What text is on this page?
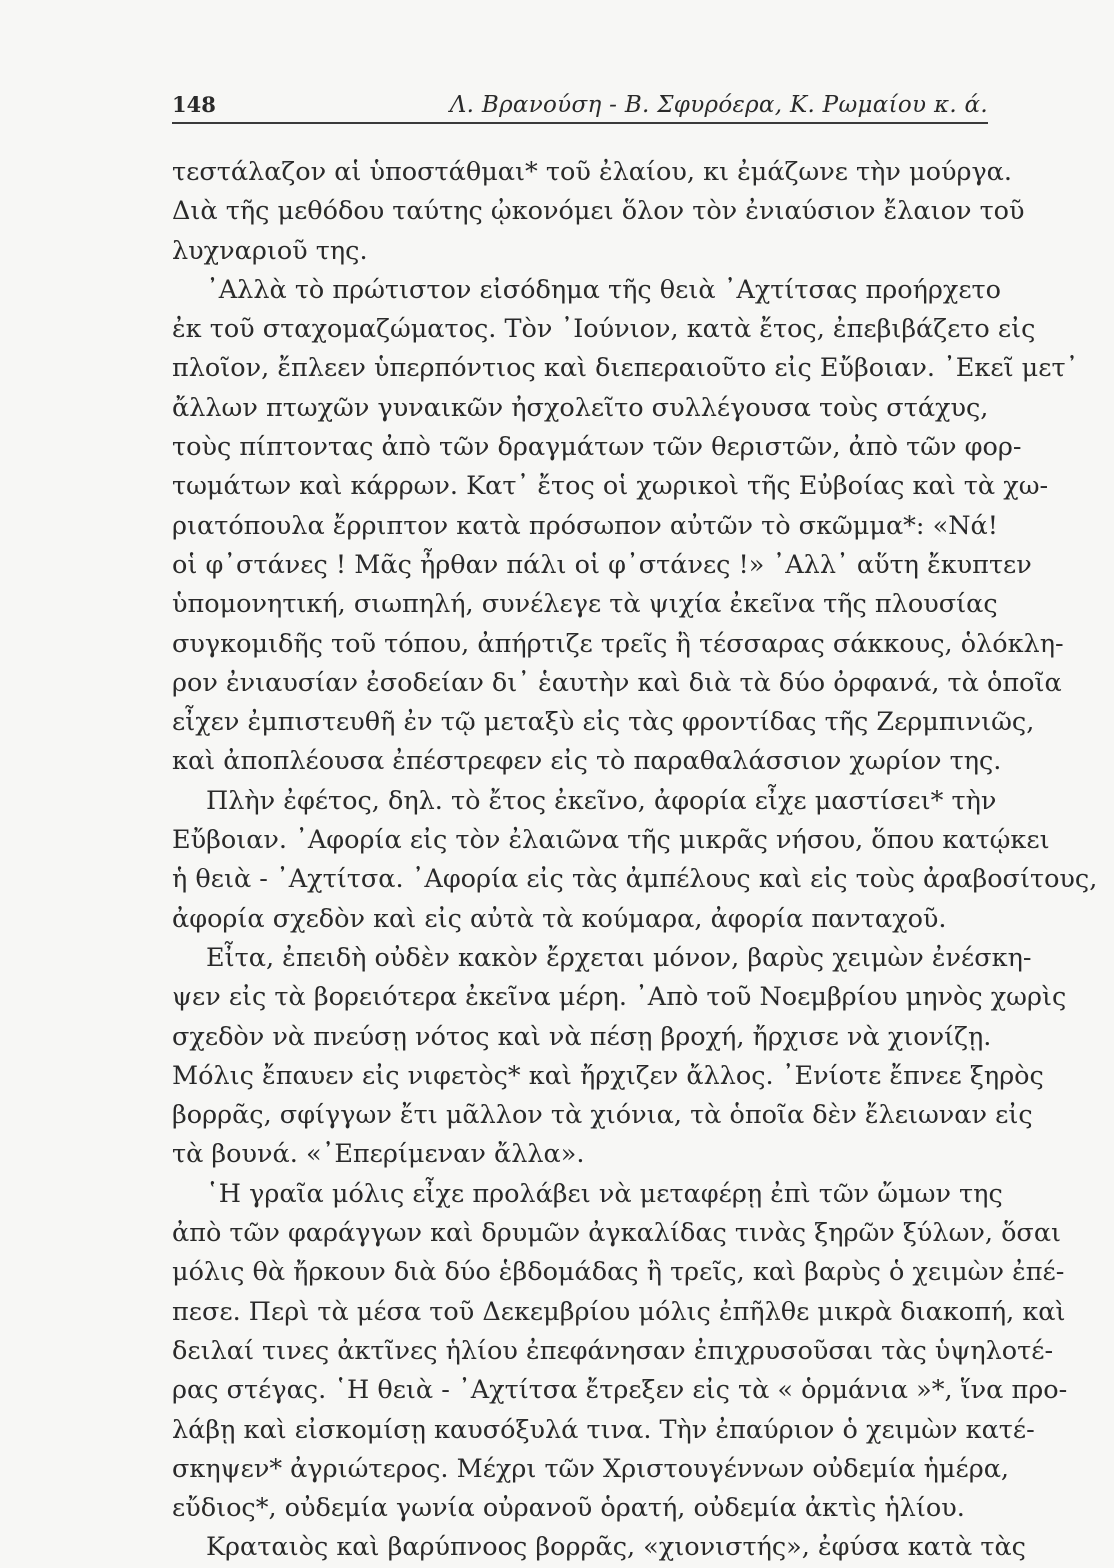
148	Λ. Βρανούση - Β. Σφυρόερα, Κ. Ρωμαίου κ. ά.
τεστάλαζον αἱ ὑποστάθμαι* τοῦ ἐλαίου, κι ἐμάζωνε τὴν μούργα.
Διὰ τῆς μεθόδου ταύτης ᾠκονόμει ὅλον τὸν ἐνιαύσιον ἔλαιον τοῦ
λυχναριοῦ της.
᾿Αλλὰ τὸ πρώτιστον εἰσόδημα τῆς θειὰ ᾿Αχτίτσας προήρχετο
ἐκ τοῦ σταχομαζώματος. Τὸν ᾿Ιούνιον, κατὰ ἔτος, ἐπεβιβάζετο εἰς
πλοῖον, ἔπλεεν ὑπερπόντιος καὶ διεπεραιοῦτο εἰς Εὔβοιαν. ᾿Εκεῖ μετ᾿
ἄλλων πτωχῶν γυναικῶν ἠσχολεῖτο συλλέγουσα τοὺς στάχυς,
τοὺς πίπτοντας ἀπὸ τῶν δραγμάτων τῶν θεριστῶν, ἀπὸ τῶν φορ-
τωμάτων καὶ κάρρων. Κατ᾿ ἔτος οἱ χωρικοὶ τῆς Εὐβοίας καὶ τὰ χω-
ριατόπουλα ἔρριπτον κατὰ πρόσωπον αὐτῶν τὸ σκῶμμα*: «Νά!
οἱ φ᾿στάνες ! Μᾶς ἦρθαν πάλι οἱ φ᾿στάνες !» ᾿Αλλ᾿ αὕτη ἔκυπτεν
ὑπομονητική, σιωπηλή, συνέλεγε τὰ ψιχία ἐκεῖνα τῆς πλουσίας
συγκομιδῆς τοῦ τόπου, ἀπήρτιζε τρεῖς ἢ τέσσαρας σάκκους, ὁλόκλη-
ρον ἐνιαυσίαν ἐσοδείαν δι᾿ ἑαυτὴν καὶ διὰ τὰ δύο ὀρφανά, τὰ ὁποῖα
εἶχεν ἐμπιστευθῆ ἐν τῷ μεταξὺ εἰς τὰς φροντίδας τῆς Ζερμπινιῶς,
καὶ ἀποπλέουσα ἐπέστρεφεν εἰς τὸ παραθαλάσσιον χωρίον της.
Πλὴν ἐφέτος, δηλ. τὸ ἔτος ἐκεῖνο, ἀφορία εἶχε μαστίσει* τὴν
Εὔβοιαν. ᾿Αφορία εἰς τὸν ἐλαιῶνα τῆς μικρᾶς νήσου, ὅπου κατῴκει
ἡ θειὰ - ᾿Αχτίτσα. ᾿Αφορία εἰς τὰς ἀμπέλους καὶ εἰς τοὺς ἀραβοσίτους,
ἀφορία σχεδὸν καὶ εἰς αὐτὰ τὰ κούμαρα, ἀφορία πανταχοῦ.
Εἶτα, ἐπειδὴ οὐδὲν κακὸν ἔρχεται μόνον, βαρὺς χειμὼν ἐνέσκη-
ψεν εἰς τὰ βορειότερα ἐκεῖνα μέρη. ᾿Απὸ τοῦ Νοεμβρίου μηνὸς χωρὶς
σχεδὸν νὰ πνεύσῃ νότος καὶ νὰ πέσῃ βροχή, ἤρχισε νὰ χιονίζῃ.
Μόλις ἔπαυεν εἰς νιφετὸς* καὶ ἤρχιζεν ἄλλος. ᾿Ενίοτε ἔπνεε ξηρὸς
βορρᾶς, σφίγγων ἔτι μᾶλλον τὰ χιόνια, τὰ ὁποῖα δὲν ἔλειωναν εἰς
τὰ βουνά. «᾿Επερίμεναν ἄλλα».
῾Η γραῖα μόλις εἶχε προλάβει νὰ μεταφέρῃ ἐπὶ τῶν ὤμων της
ἀπὸ τῶν φαράγγων καὶ δρυμῶν ἀγκαλίδας τινὰς ξηρῶν ξύλων, ὅσαι
μόλις θὰ ἤρκουν διὰ δύο ἑβδομάδας ἢ τρεῖς, καὶ βαρὺς ὁ χειμὼν ἐπέ-
πεσε. Περὶ τὰ μέσα τοῦ Δεκεμβρίου μόλις ἐπῆλθε μικρὰ διακοπή, καὶ
δειλαί τινες ἀκτῖνες ἡλίου ἐπεφάνησαν ἐπιχρυσοῦσαι τὰς ὑψηλοτέ-
ρας στέγας. ῾Η θειὰ - ᾿Αχτίτσα ἔτρεξεν εἰς τὰ « ὁρμάνια »*, ἵνα προ-
λάβῃ καὶ εἰσκομίσῃ καυσόξυλά τινα. Τὴν ἐπαύριον ὁ χειμὼν κατέ-
σκηψεν* ἀγριώτερος. Μέχρι τῶν Χριστουγέννων οὐδεμία ἡμέρα,
εὔδιος*, οὐδεμία γωνία οὐρανοῦ ὁρατή, οὐδεμία ἀκτὶς ἡλίου.
Κραταιὸς καὶ βαρύπνοος βορρᾶς, «χιονιστής», ἐφύσα κατὰ τὰς
